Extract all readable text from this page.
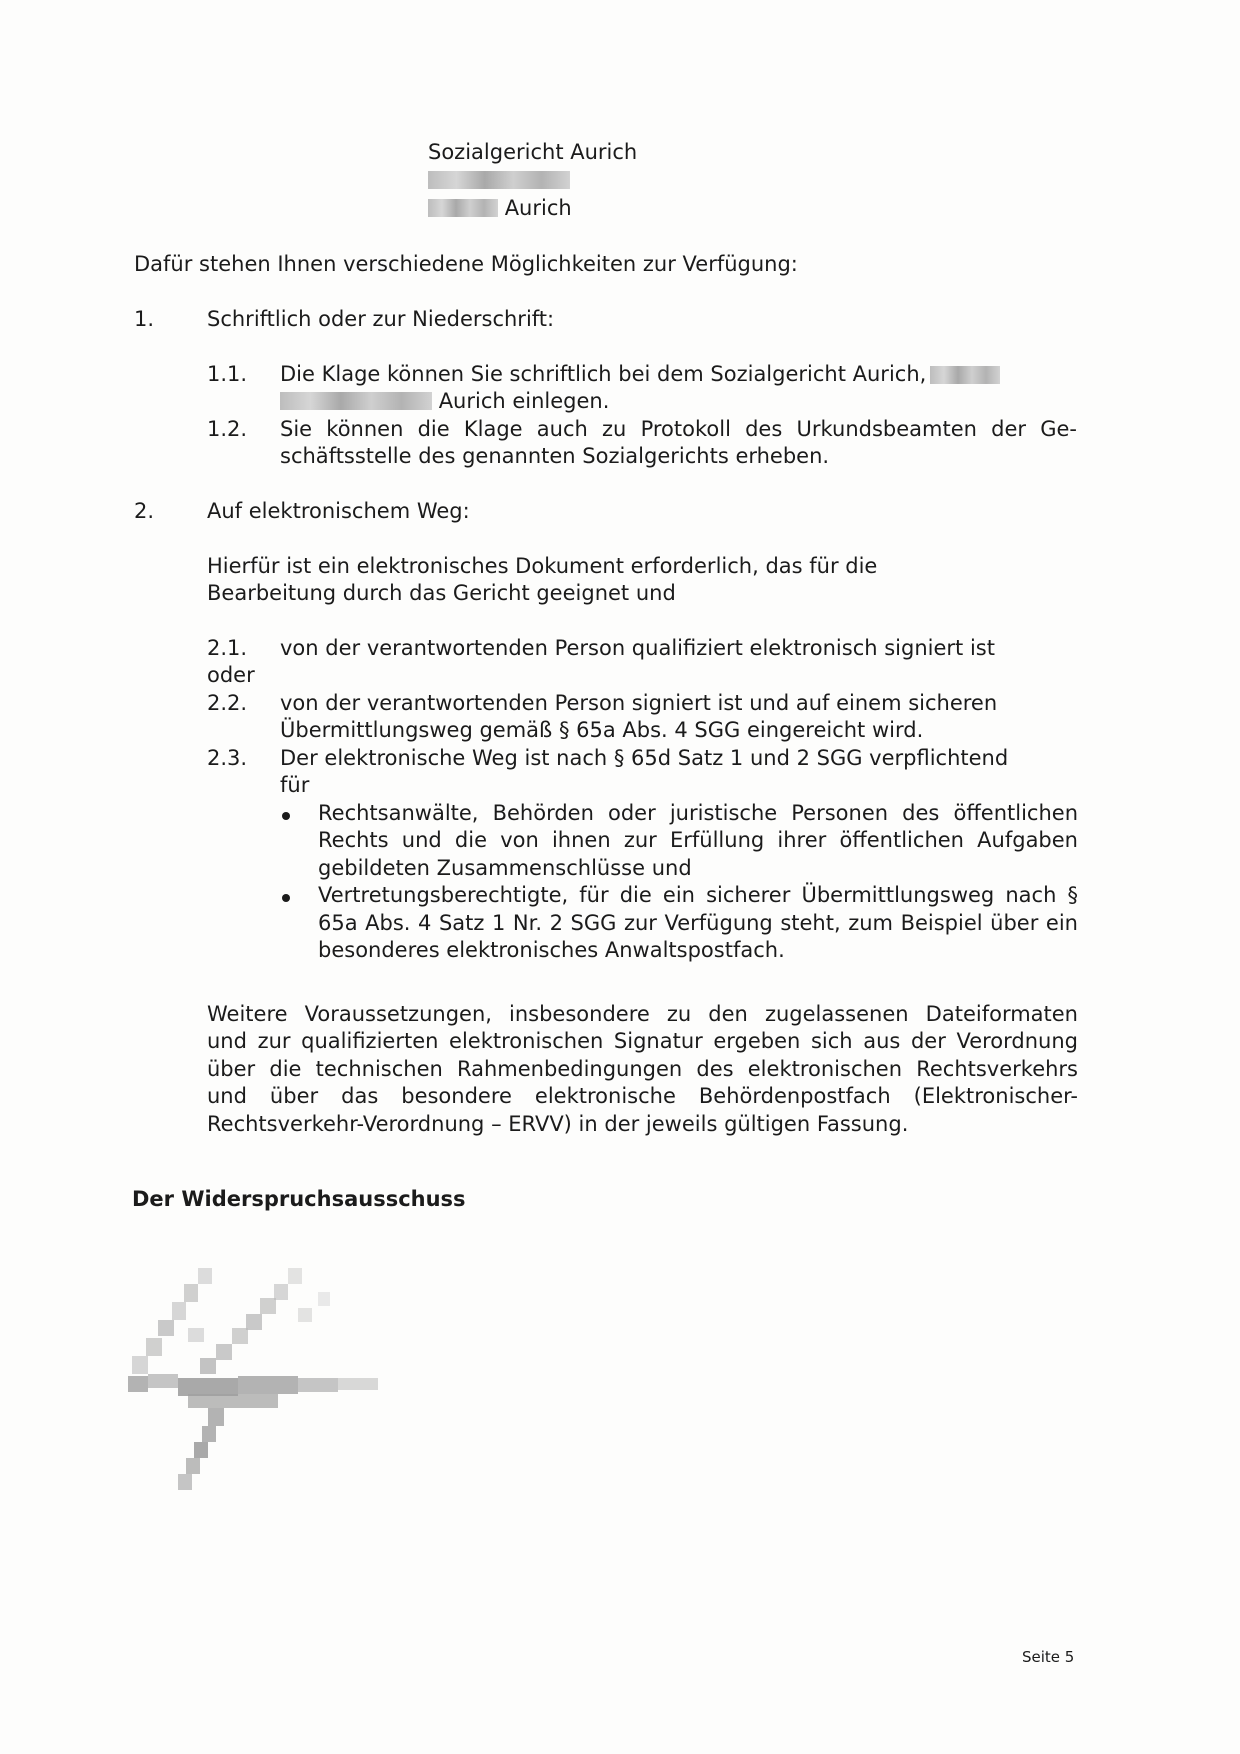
Sozialgericht Aurich
Aurich
Dafür stehen Ihnen verschiedene Möglichkeiten zur Verfügung:
1.	Schriftlich oder zur Niederschrift:
1.1. Die Klage können Sie schriftlich bei dem Sozialgericht Aurich,
Aurich einlegen.
1.2. Sie können die Klage auch zu Protokoll des Urkundsbeamten der Ge-
schäftsstelle des genannten Sozialgerichts erheben.
2.	Auf elektronischem Weg:
Hierfür ist ein elektronisches Dokument erforderlich, das für die
Bearbeitung durch das Gericht geeignet und
2.1. von der verantwortenden Person qualifiziert elektronisch signiert ist
oder
2.2. von der verantwortenden Person signiert ist und auf einem sicheren
Übermittlungsweg gemäß § 65a Abs. 4 SGG eingereicht wird.
2.3. Der elektronische Weg ist nach § 65d Satz 1 und 2 SGG verpflichtend
für
Rechtsanwälte, Behörden oder juristische Personen des öffentlichen
Rechts und die von ihnen zur Erfüllung ihrer öffentlichen Aufgaben
gebildeten Zusammenschlüsse und
Vertretungsberechtigte, für die ein sicherer Übermittlungsweg nach §
65a Abs. 4 Satz 1 Nr. 2 SGG zur Verfügung steht, zum Beispiel über ein
besonderes elektronisches Anwaltspostfach.
Weitere Voraussetzungen, insbesondere zu den zugelassenen Dateiformaten
und zur qualifizierten elektronischen Signatur ergeben sich aus der Verordnung
über die technischen Rahmenbedingungen des elektronischen Rechtsverkehrs
und über das besondere elektronische Behördenpostfach (Elektronischer-
Rechtsverkehr-Verordnung – ERVV) in der jeweils gültigen Fassung.
Der Widerspruchsausschuss
Seite 5
